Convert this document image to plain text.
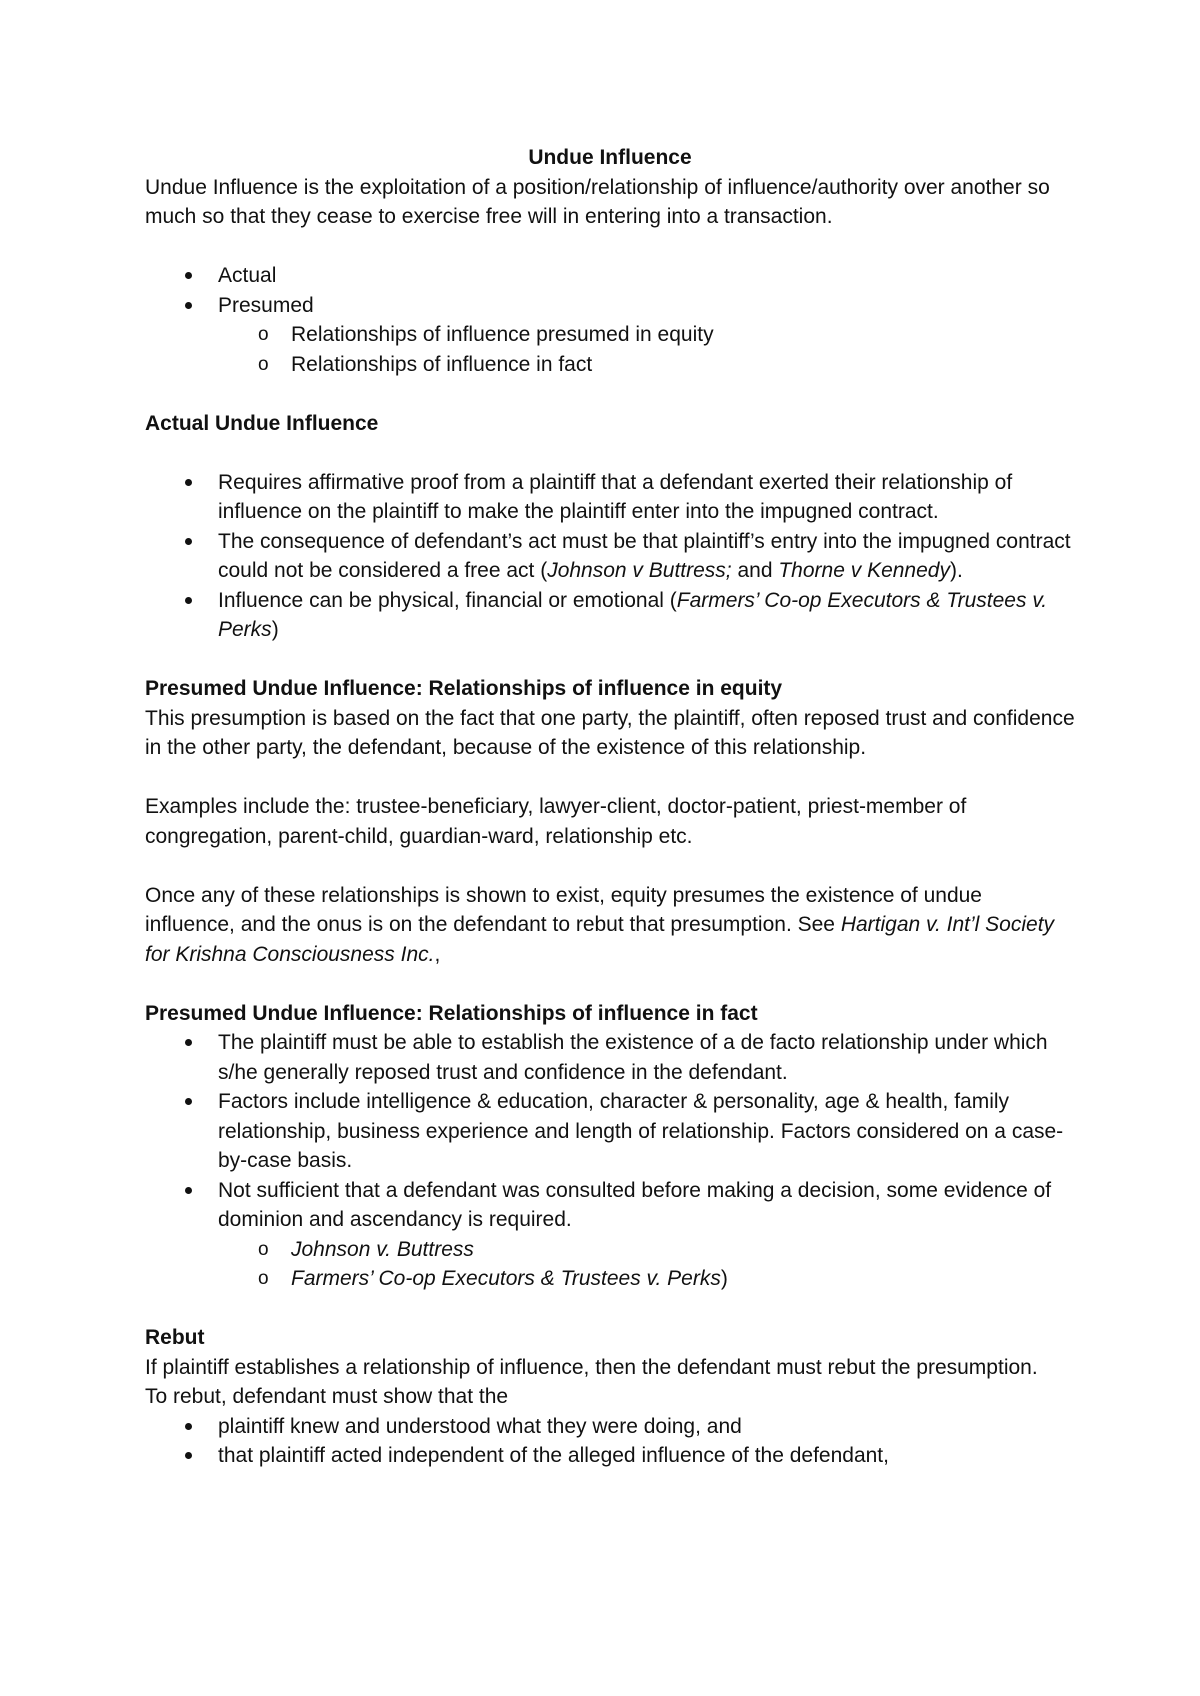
Undue Influence

Undue Influence is the exploitation of a position/relationship of influence/authority over another so much so that they cease to exercise free will in entering into a transaction.

Actual
Presumed
o Relationships of influence presumed in equity
o Relationships of influence in fact

Actual Undue Influence

Requires affirmative proof from a plaintiff that a defendant exerted their relationship of influence on the plaintiff to make the plaintiff enter into the impugned contract.
The consequence of defendant’s act must be that plaintiff’s entry into the impugned contract could not be considered a free act (Johnson v Buttress; and Thorne v Kennedy).
Influence can be physical, financial or emotional (Farmers’ Co-op Executors & Trustees v. Perks)

Presumed Undue Influence: Relationships of influence in equity

This presumption is based on the fact that one party, the plaintiff, often reposed trust and confidence in the other party, the defendant, because of the existence of this relationship.

Examples include the: trustee-beneficiary, lawyer-client, doctor-patient, priest-member of congregation, parent-child, guardian-ward, relationship etc.

Once any of these relationships is shown to exist, equity presumes the existence of undue influence, and the onus is on the defendant to rebut that presumption. See Hartigan v. Int’l Society for Krishna Consciousness Inc.,

Presumed Undue Influence: Relationships of influence in fact

The plaintiff must be able to establish the existence of a de facto relationship under which s/he generally reposed trust and confidence in the defendant.
Factors include intelligence & education, character & personality, age & health, family relationship, business experience and length of relationship. Factors considered on a case-by-case basis.
Not sufficient that a defendant was consulted before making a decision, some evidence of dominion and ascendancy is required.
o Johnson v. Buttress
o Farmers’ Co-op Executors & Trustees v. Perks)

Rebut

If plaintiff establishes a relationship of influence, then the defendant must rebut the presumption.

To rebut, defendant must show that the

plaintiff knew and understood what they were doing, and
that plaintiff acted independent of the alleged influence of the defendant,
